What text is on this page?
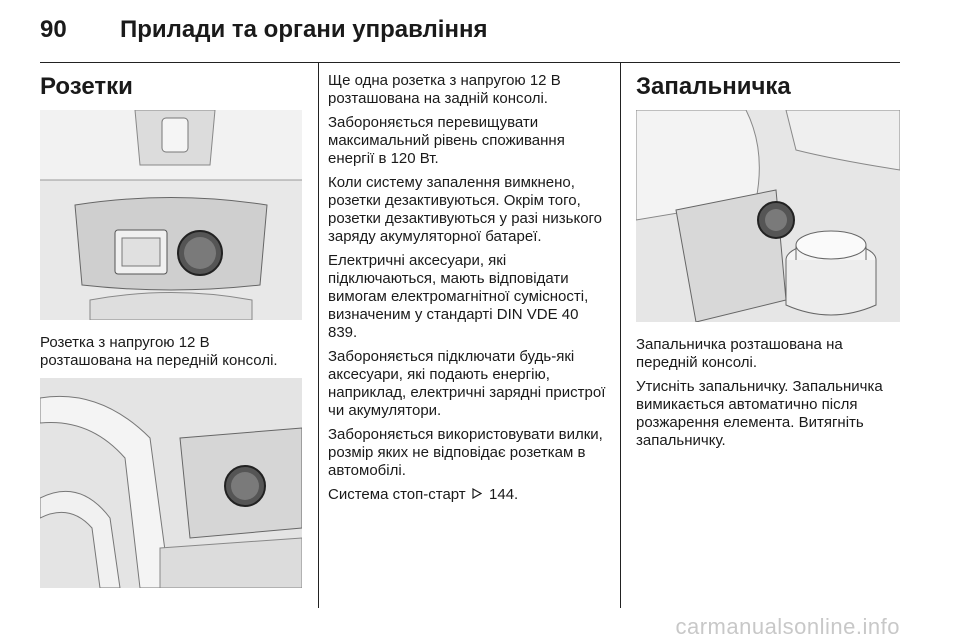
90 Прилади та органи управління
Розетки
Розетка з напругою 12 В розташована на передній консолі.
Ще одна розетка з напругою 12 В розташована на задній консолі.
Забороняється перевищувати максимальний рівень споживання енергії в 120 Вт.
Коли систему запалення вимкнено, розетки дезактивуються. Окрім того, розетки дезактивуються у разі низького заряду акумуляторної батареї.
Електричні аксесуари, які підключаються, мають відповідати вимогам електромагнітної сумісності, визначеним у стандарті DIN VDE 40 839.
Забороняється підключати будь-які аксесуари, які подають енергію, наприклад, електричні зарядні пристрої чи акумулятори.
Забороняється використовувати вилки, розмір яких не відповідає розеткам в автомобілі.
Система стоп-старт 144.
Запальничка
Запальничка розташована на передній консолі.
Утисніть запальничку. Запальничка вимикається автоматично після розжарення елемента. Витягніть запальничку.
carmanualsonline.info
